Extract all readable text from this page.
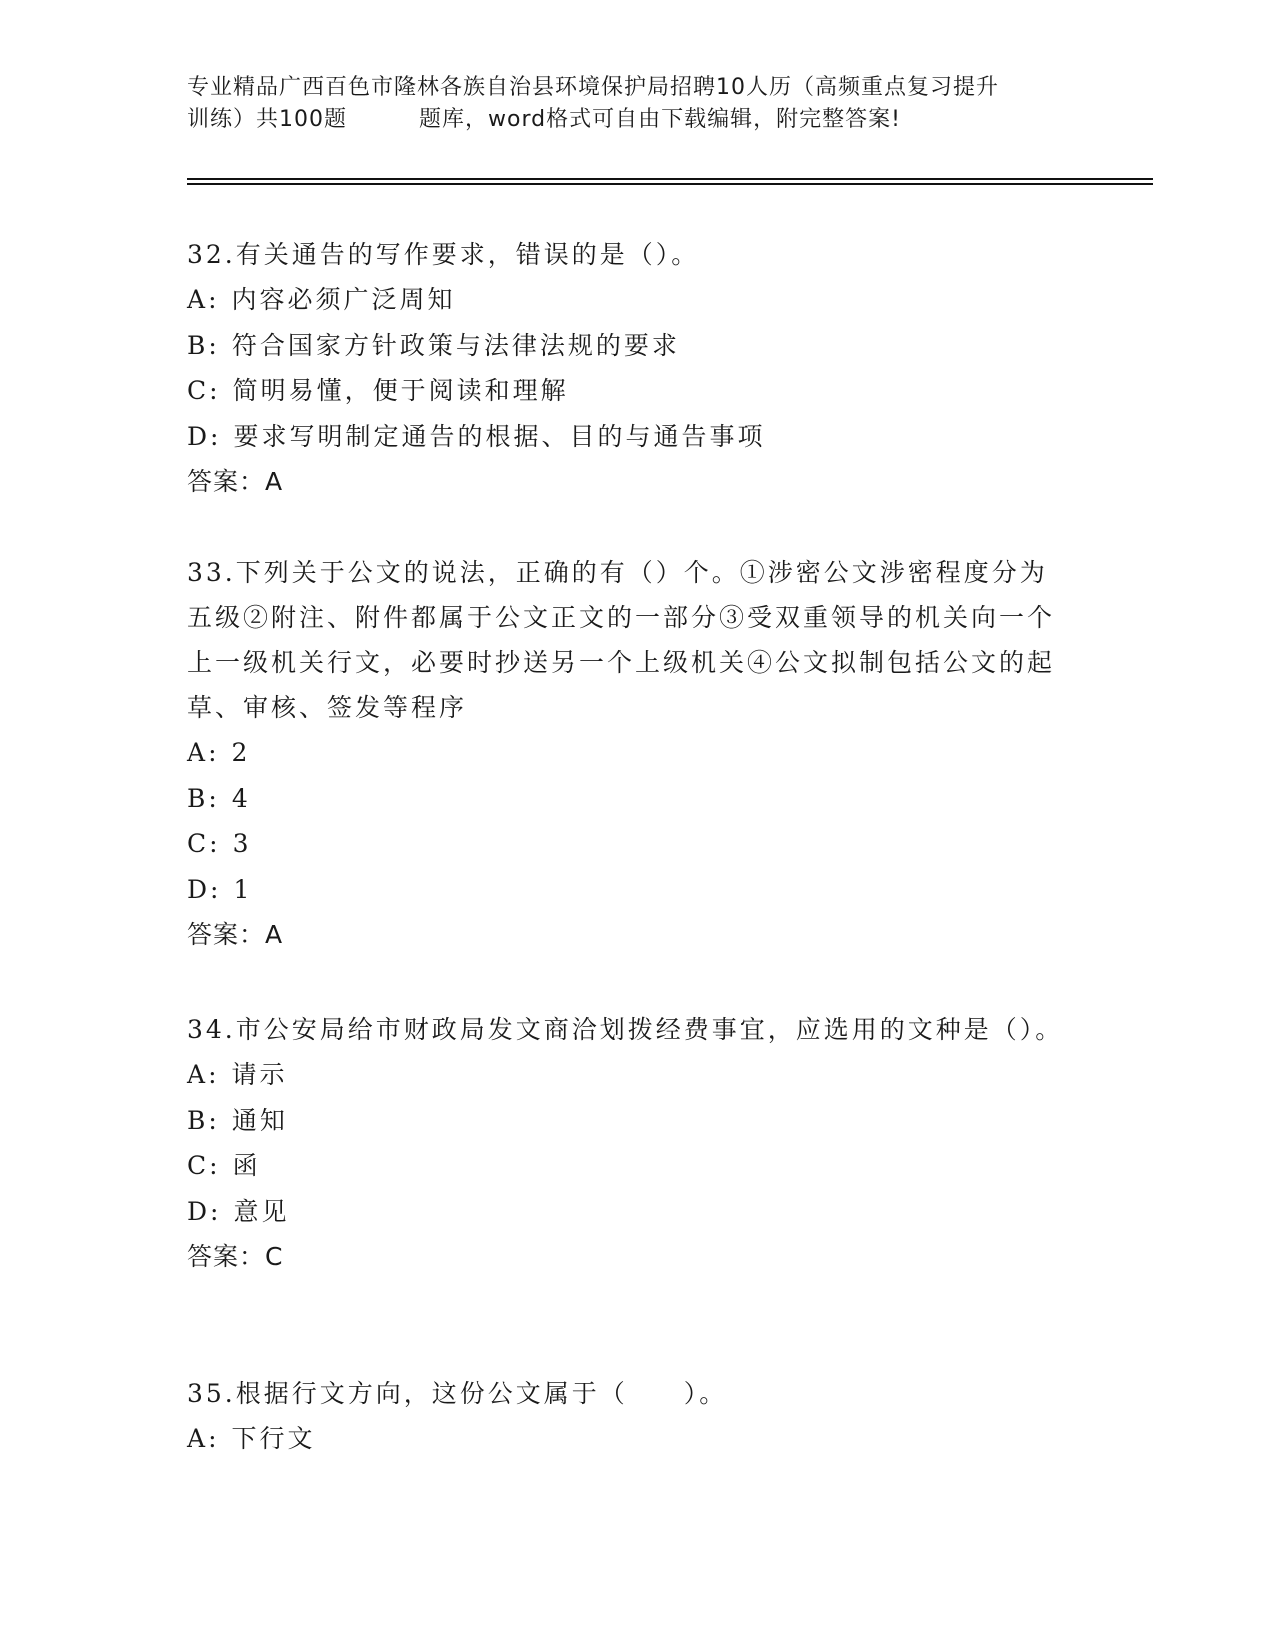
专业精品广西百色市隆林各族自治县环境保护局招聘10人历（高频重点复习提升
训练）共100题	题库，word格式可自由下载编辑，附完整答案!
32.有关通告的写作要求，错误的是（）。
A: 内容必须广泛周知
B: 符合国家方针政策与法律法规的要求
C: 简明易懂，便于阅读和理解
D: 要求写明制定通告的根据、目的与通告事项
答案：A
33.下列关于公文的说法，正确的有（）个。①涉密公文涉密程度分为五级②附注、附件都属于公文正文的一部分③受双重领导的机关向一个上一级机关行文，必要时抄送另一个上级机关④公文拟制包括公文的起草、审核、签发等程序
A: 2
B: 4
C: 3
D: 1
答案：A
34.市公安局给市财政局发文商洽划拨经费事宜，应选用的文种是（）。
A: 请示
B: 通知
C: 函
D: 意见
答案：C
35.根据行文方向，这份公文属于（　　）。
A: 下行文
